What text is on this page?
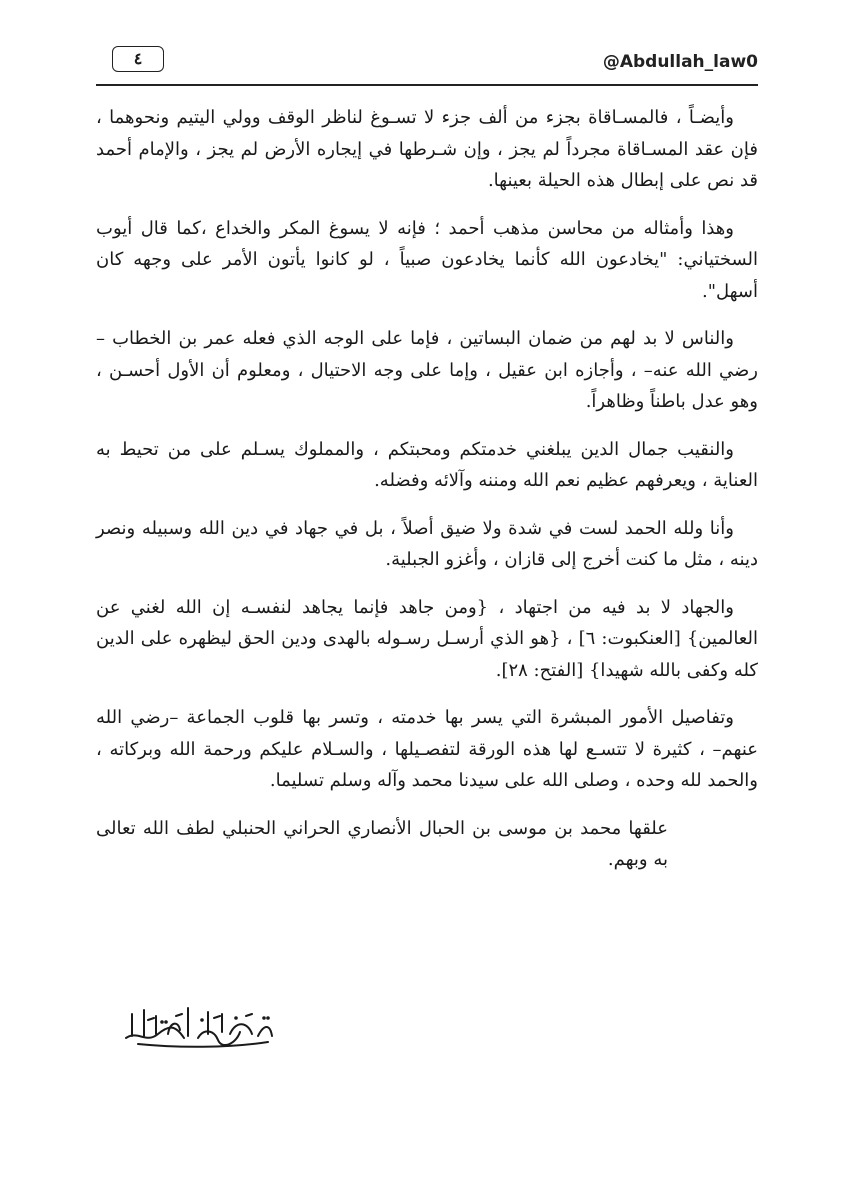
٤	@Abdullah_law0

وأيضـاً ، فالمسـاقاة بجزء من ألف جزء لا تسـوغ لناظر الوقف وولي اليتيم ونحوهما ، فإن عقد المسـاقاة مجرداً لم يجز ، وإن شـرطها في إيجاره الأرض لم يجز ، والإمام أحمد قد نص على إبطال هذه الحيلة بعينها.

وهذا وأمثاله من محاسن مذهب أحمد ؛ فإنه لا يسوغ المكر والخداع ،كما قال أيوب السختياني: "يخادعون الله كأنما يخادعون صبياً ، لو كانوا يأتون الأمر على وجهه كان أسهل".

والناس لا بد لهم من ضمان البساتين ، فإما على الوجه الذي فعله عمر بن الخطاب –رضي الله عنه– ، وأجازه ابن عقيل ، وإما على وجه الاحتيال ، ومعلوم أن الأول أحسـن ، وهو عدل باطناً وظاهراً.

والنقيب جمال الدين يبلغني خدمتكم ومحبتكم ، والمملوك يسـلم على من تحيط به العناية ، ويعرفهم عظيم نعم الله ومننه وآلائه وفضله.

وأنا ولله الحمد لست في شدة ولا ضيق أصلاً ، بل في جهاد في دين الله وسبيله ونصر دينه ، مثل ما كنت أخرج إلى قازان ، وأغزو الجبلية.

والجهاد لا بد فيه من اجتهاد ، {ومن جاهد فإنما يجاهد لنفسـه إن الله لغني عن العالمين} [العنكبوت: ٦] ، {هو الذي أرسـل رسـوله بالهدى ودين الحق ليظهره على الدين كله وكفى بالله شهيدا} [الفتح: ٢٨].

وتفاصيل الأمور المبشرة التي يسر بها خدمته ، وتسر بها قلوب الجماعة –رضي الله عنهم– ، كثيرة لا تتسـع لها هذه الورقة لتفصـيلها ، والسـلام عليكم ورحمة الله وبركاته ، والحمد لله وحده ، وصلى الله على سيدنا محمد وآله وسلم تسليما.

علقها محمد بن موسى بن الحبال الأنصاري الحراني الحنبلي لطف الله تعالى به وبهم.
